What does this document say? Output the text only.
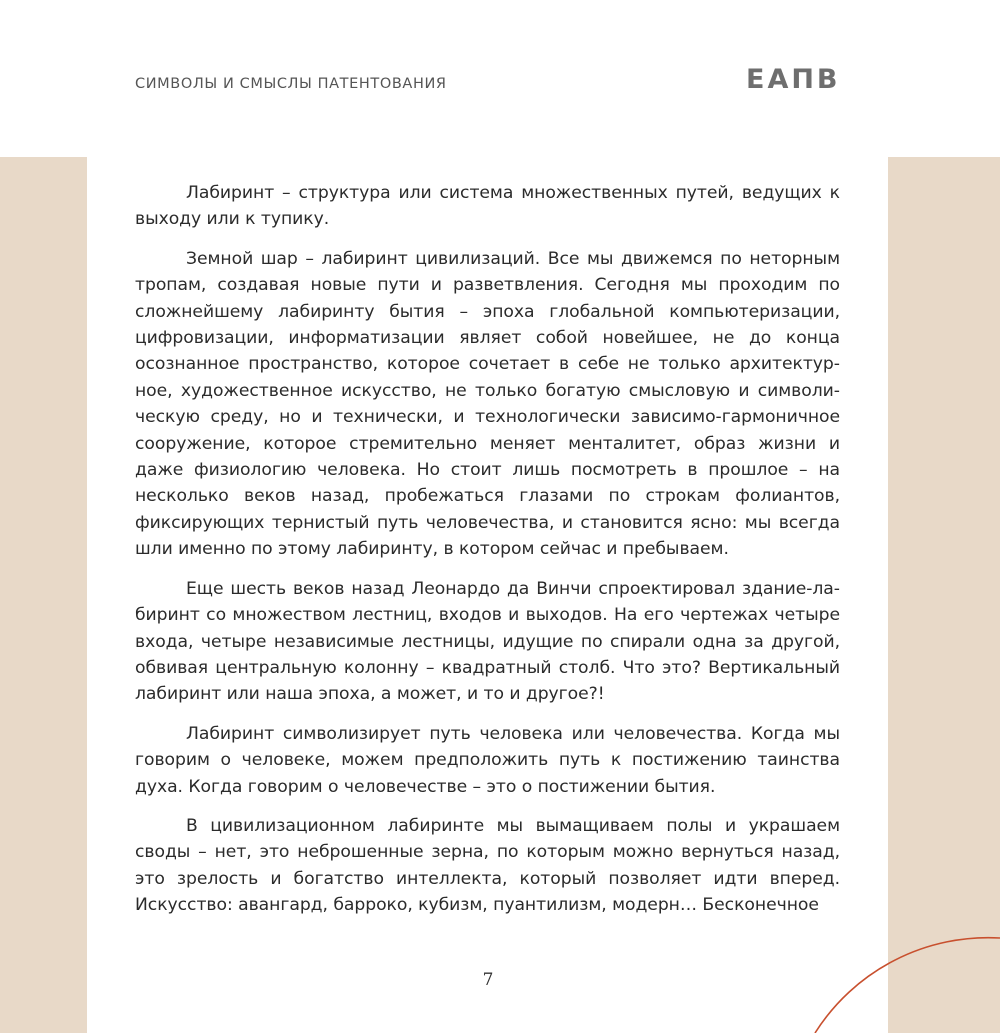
СИМВОЛЫ И СМЫСЛЫ ПАТЕНТОВАНИЯ	EАПВ

Лабиринт – структура или система множественных путей, ведущих к выходу или к тупику.

Земной шар – лабиринт цивилизаций. Все мы движемся по неторным тропам, создавая новые пути и разветвления. Сегодня мы проходим по сложнейшему лабиринту бытия – эпоха глобальной компьютеризации, цифровизации, информатизации являет собой новейшее, не до конца осознанное пространство, которое сочетает в себе не только архитектурное, художественное искусство, не только богатую смысловую и символическую среду, но и технически, и технологически зависимо-гармоничное сооружение, которое стремительно меняет менталитет, образ жизни и даже физиологию человека. Но стоит лишь посмотреть в прошлое – на несколько веков назад, пробежаться глазами по строкам фолиантов, фиксирующих тернистый путь человечества, и становится ясно: мы всегда шли именно по этому лабиринту, в котором сейчас и пребываем.

Еще шесть веков назад Леонардо да Винчи спроектировал здание-лабиринт со множеством лестниц, входов и выходов. На его чертежах четыре входа, четыре независимые лестницы, идущие по спирали одна за другой, обвивая центральную колонну – квадратный столб. Что это? Вертикальный лабиринт или наша эпоха, а может, и то и другое?!

Лабиринт символизирует путь человека или человечества. Когда мы говорим о человеке, можем предположить путь к постижению таинства духа. Когда говорим о человечестве – это о постижении бытия.

В цивилизационном лабиринте мы вымащиваем полы и украшаем своды – нет, это неброшенные зерна, по которым можно вернуться назад, это зрелость и богатство интеллекта, который позволяет идти вперед. Искусство: авангард, барроко, кубизм, пуантилизм, модерн… Бесконечное

7
